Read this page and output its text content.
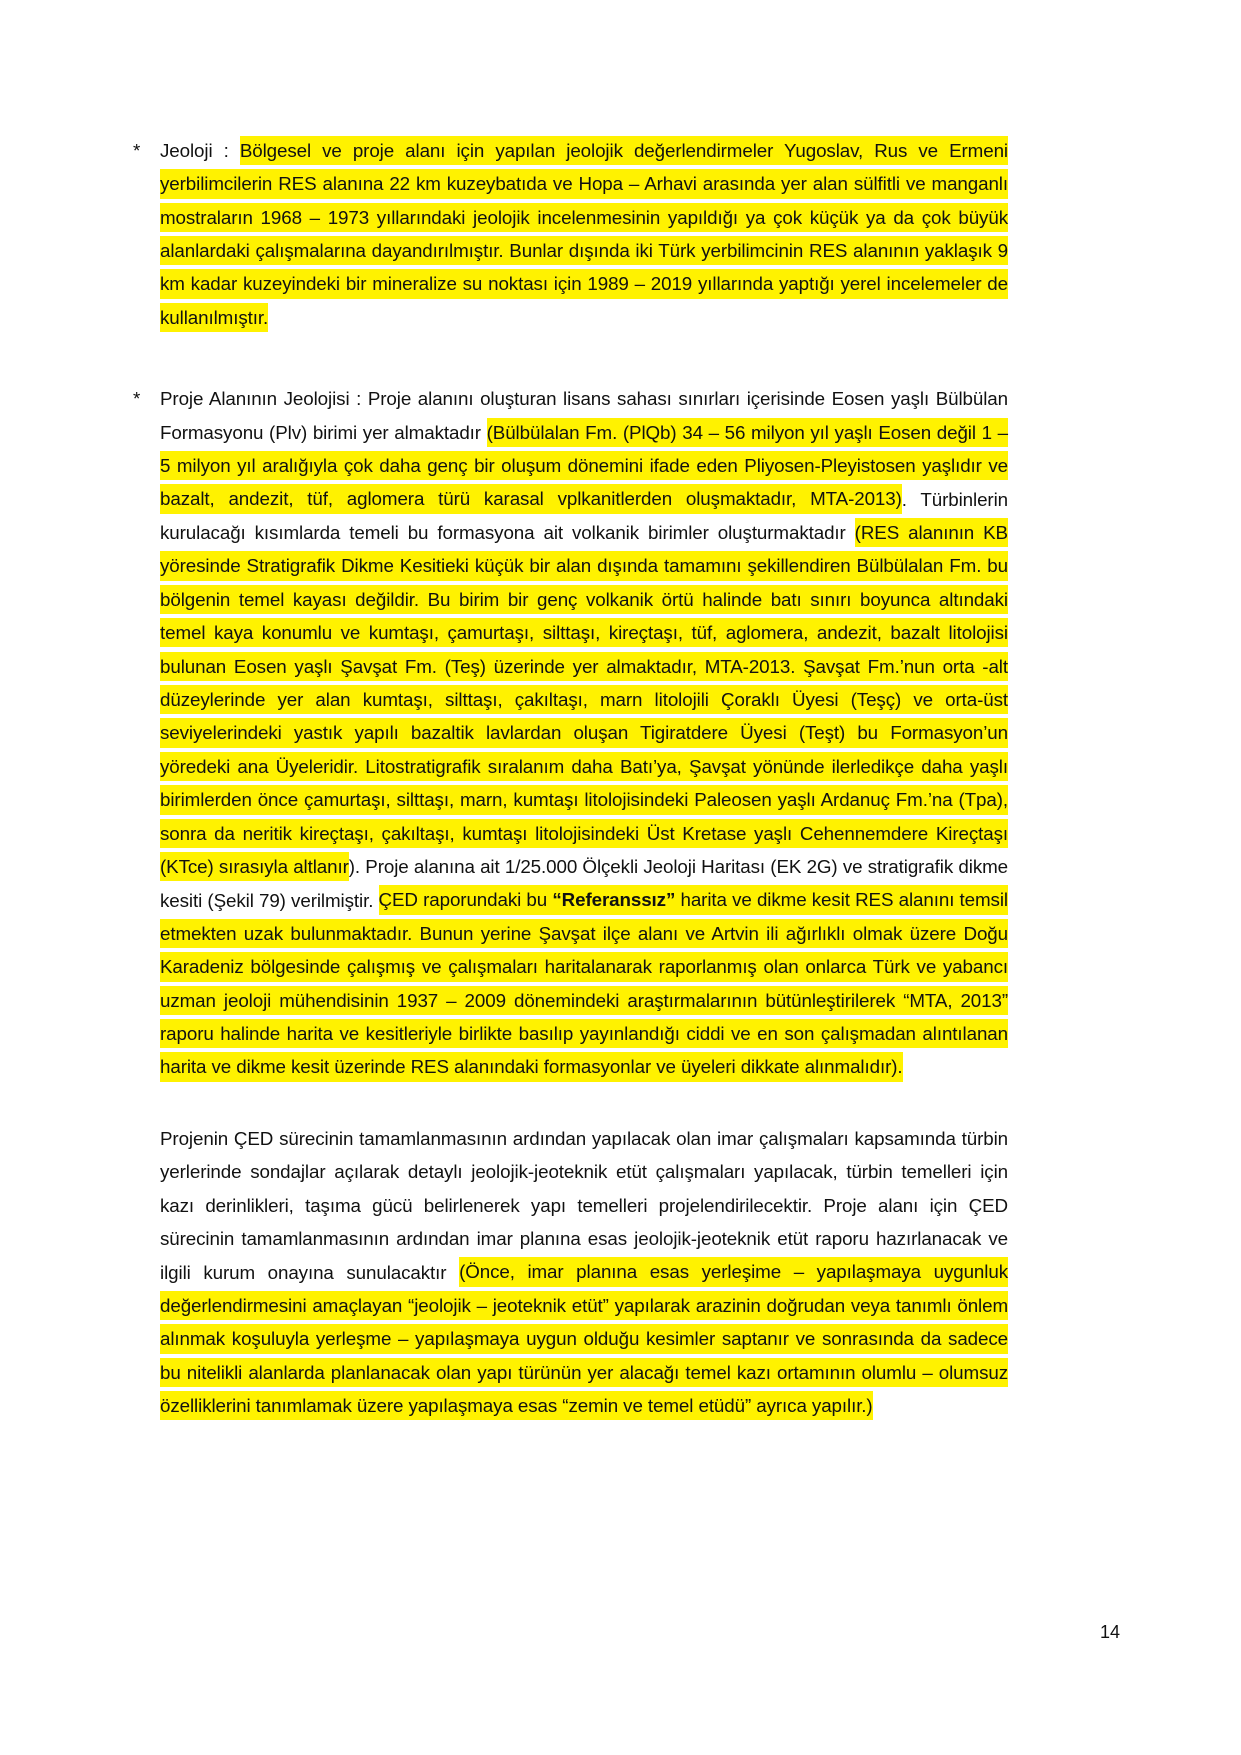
* Jeoloji : Bölgesel ve proje alanı için yapılan jeolojik değerlendirmeler Yugoslav, Rus ve Ermeni yerbilimcilerin RES alanına 22 km kuzeybatıda ve Hopa – Arhavi arasında yer alan sülfitli ve manganlı mostraların 1968 – 1973 yıllarındaki jeolojik incelenmesinin yapıldığı ya çok küçük ya da çok büyük alanlardaki çalışmalarına dayandırılmıştır. Bunlar dışında iki Türk yerbilimcinin RES alanının yaklaşık 9 km kadar kuzeyindeki bir mineralize su noktası için 1989 – 2019 yıllarında yaptığı yerel incelemeler de kullanılmıştır.
* Proje Alanının Jeolojisi : Proje alanını oluşturan lisans sahası sınırları içerisinde Eosen yaşlı Bülbülan Formasyonu (Plv) birimi yer almaktadır (Bülbülalan Fm. (PlQb) 34 – 56 milyon yıl yaşlı Eosen değil 1 – 5 milyon yıl aralığıyla çok daha genç bir oluşum dönemini ifade eden Pliyosen-Pleyistosen yaşlıdır ve bazalt, andezit, tüf, aglomera türü karasal vplkanitlerden oluşmaktadır, MTA-2013). Türbinlerin kurulacağı kısımlarda temeli bu formasyona ait volkanik birimler oluşturmaktadır (RES alanının KB yöresinde Stratigrafik Dikme Kesitieki küçük bir alan dışında tamamını şekillendiren Bülbülalan Fm. bu bölgenin temel kayası değildir. Bu birim bir genç volkanik örtü halinde batı sınırı boyunca altındaki temel kaya konumlu ve kumtaşı, çamurtaşı, silttaşı, kireçtaşı, tüf, aglomera, andezit, bazalt litolojisi bulunan Eosen yaşlı Şavşat Fm. (Teş) üzerinde yer almaktadır, MTA-2013. Şavşat Fm.’nun orta -alt düzeylerinde yer alan kumtaşı, silttaşı, çakıltaşı, marn litolojili Çoraklı Üyesi (Teşç) ve orta-üst seviyelerindeki yastık yapılı bazaltik lavlardan oluşan Tigiratdere Üyesi (Teşt) bu Formasyon’un yöredeki ana Üyeleridir. Litostratigrafik sıralanım daha Batı’ya, Şavşat yönünde ilerledikçe daha yaşlı birimlerden önce çamurtaşı, silttaşı, marn, kumtaşı litolojisindeki Paleosen yaşlı Ardanuç Fm.’na (Tpa), sonra da neritik kireçtaşı, çakıltaşı, kumtaşı litolojisindeki Üst Kretase yaşlı Cehennemdere Kireçtaşı (KTce) sırasıyla altlanır). Proje alanına ait 1/25.000 Ölçekli Jeoloji Haritası (EK 2G) ve stratigrafik dikme kesiti (Şekil 79) verilmiştir. ÇED raporundaki bu “Referanssız” harita ve dikme kesit RES alanını temsil etmekten uzak bulunmaktadır. Bunun yerine Şavşat ilçe alanı ve Artvin ili ağırlıklı olmak üzere Doğu Karadeniz bölgesinde çalışmış ve çalışmaları haritalanarak raporlanmış olan onlarca Türk ve yabancı uzman jeoloji mühendisinin 1937 – 2009 dönemindeki araştırmalarının bütünleştirilerek “MTA, 2013” raporu halinde harita ve kesitleriyle birlikte basılıp yayınlandığı ciddi ve en son çalışmadan alıntılanan harita ve dikme kesit üzerinde RES alanındaki formasyonlar ve üyeleri dikkate alınmalıdır).
Projenin ÇED sürecinin tamamlanmasının ardından yapılacak olan imar çalışmaları kapsamında türbin yerlerinde sondajlar açılarak detaylı jeolojik-jeoteknik etüt çalışmaları yapılacak, türbin temelleri için kazı derinlikleri, taşıma gücü belirlenerek yapı temelleri projelendirilecektir. Proje alanı için ÇED sürecinin tamamlanmasının ardından imar planına esas jeolojik-jeoteknik etüt raporu hazırlanacak ve ilgili kurum onayına sunulacaktır (Önce, imar planına esas yerleşime – yapılaşmaya uygunluk değerlendirmesini amaçlayan “jeolojik – jeoteknik etüt” yapılarak arazinin doğrudan veya tanımlı önlem alınmak koşuluyla yerleşme – yapılaşmaya uygun olduğu kesimler saptanır ve sonrasında da sadece bu nitelikli alanlarda planlanacak olan yapı türünün yer alacağı temel kazı ortamının olumlu – olumsuz özelliklerini tanımlamak üzere yapılaşmaya esas “zemin ve temel etüdü” ayrıca yapılır.)
14
